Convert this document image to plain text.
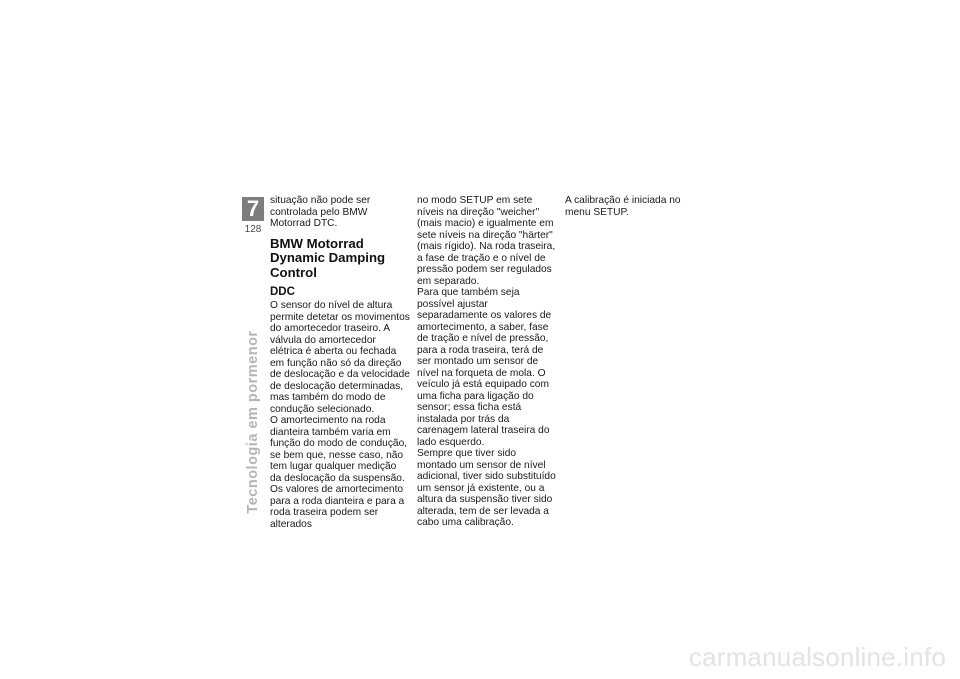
7
128
Tecnologia em pormenor

situação não pode ser controlada pelo BMW Motorrad DTC.

BMW Motorrad Dynamic Damping Control
DDC

O sensor do nível de altura permite detetar os movimentos do amortecedor traseiro. A válvula do amortecedor elétrica é aberta ou fechada em função não só da direção de deslocação e da velocidade de deslocação determinadas, mas também do modo de condução selecionado.

O amortecimento na roda dianteira também varia em função do modo de condução, se bem que, nesse caso, não tem lugar qualquer medição da deslocação da suspensão.

Os valores de amortecimento para a roda dianteira e para a roda traseira podem ser alterados

no modo SETUP em sete níveis na direção "weicher" (mais macio) e igualmente em sete níveis na direção "härter" (mais rígido). Na roda traseira, a fase de tração e o nível de pressão podem ser regulados em separado.

Para que também seja possível ajustar separadamente os valores de amortecimento, a saber, fase de tração e nível de pressão, para a roda traseira, terá de ser montado um sensor de nível na forqueta de mola. O veículo já está equipado com uma ficha para ligação do sensor; essa ficha está instalada por trás da carenagem lateral traseira do lado esquerdo.

Sempre que tiver sido montado um sensor de nível adicional, tiver sido substituído um sensor já existente, ou a altura da suspensão tiver sido alterada, tem de ser levada a cabo uma calibração.

A calibração é iniciada no menu SETUP.

carmanualsonline.info
